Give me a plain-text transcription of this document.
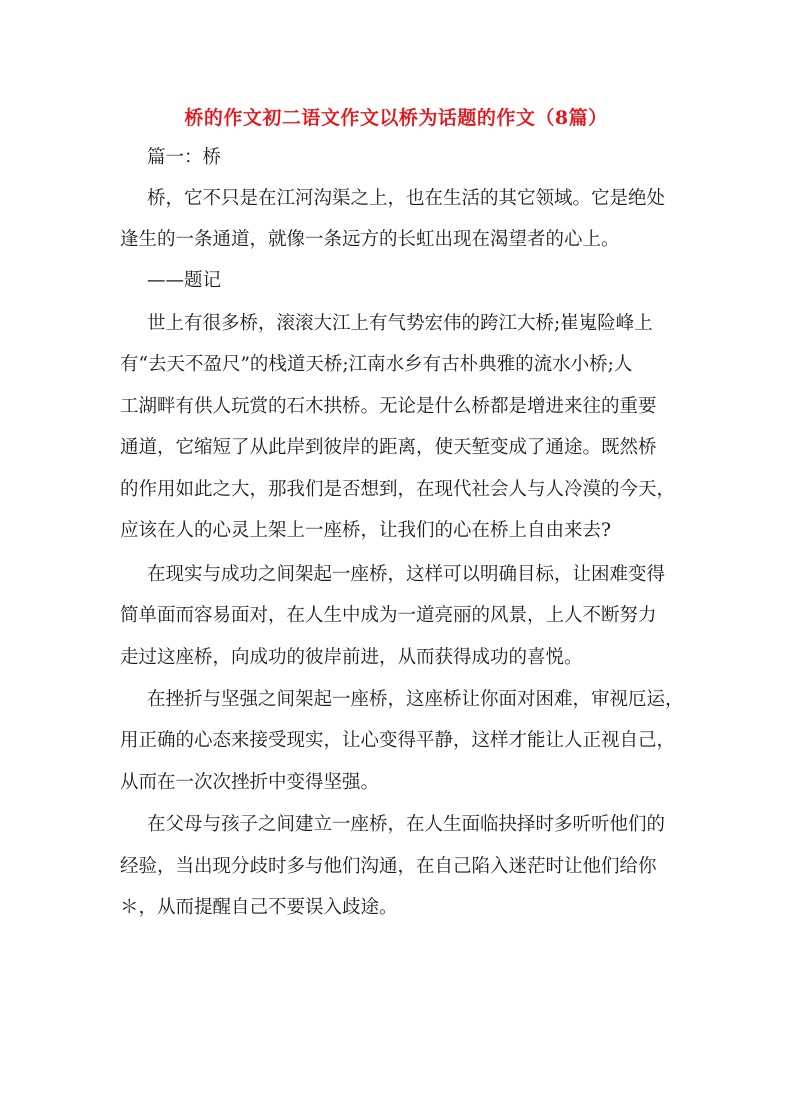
桥的作文初二语文作文以桥为话题的作文（8篇）
篇一：桥
桥，它不只是在江河沟渠之上，也在生活的其它领域。它是绝处
逢生的一条通道，就像一条远方的长虹出现在渴望者的心上。
——题记
世上有很多桥，滚滚大江上有气势宏伟的跨江大桥;崔嵬险峰上
有“去天不盈尺”的栈道天桥;江南水乡有古朴典雅的流水小桥;人
工湖畔有供人玩赏的石木拱桥。无论是什么桥都是增进来往的重要
通道，它缩短了从此岸到彼岸的距离，使天堑变成了通途。既然桥
的作用如此之大，那我们是否想到，在现代社会人与人冷漠的今天，
应该在人的心灵上架上一座桥，让我们的心在桥上自由来去?
在现实与成功之间架起一座桥，这样可以明确目标，让困难变得
简单面而容易面对，在人生中成为一道亮丽的风景，上人不断努力
走过这座桥，向成功的彼岸前进，从而获得成功的喜悦。
在挫折与坚强之间架起一座桥，这座桥让你面对困难，审视厄运，
用正确的心态来接受现实，让心变得平静，这样才能让人正视自己，
从而在一次次挫折中变得坚强。
在父母与孩子之间建立一座桥，在人生面临抉择时多听听他们的
经验，当出现分歧时多与他们沟通，在自己陷入迷茫时让他们给你
＊，从而提醒自己不要误入歧途。
